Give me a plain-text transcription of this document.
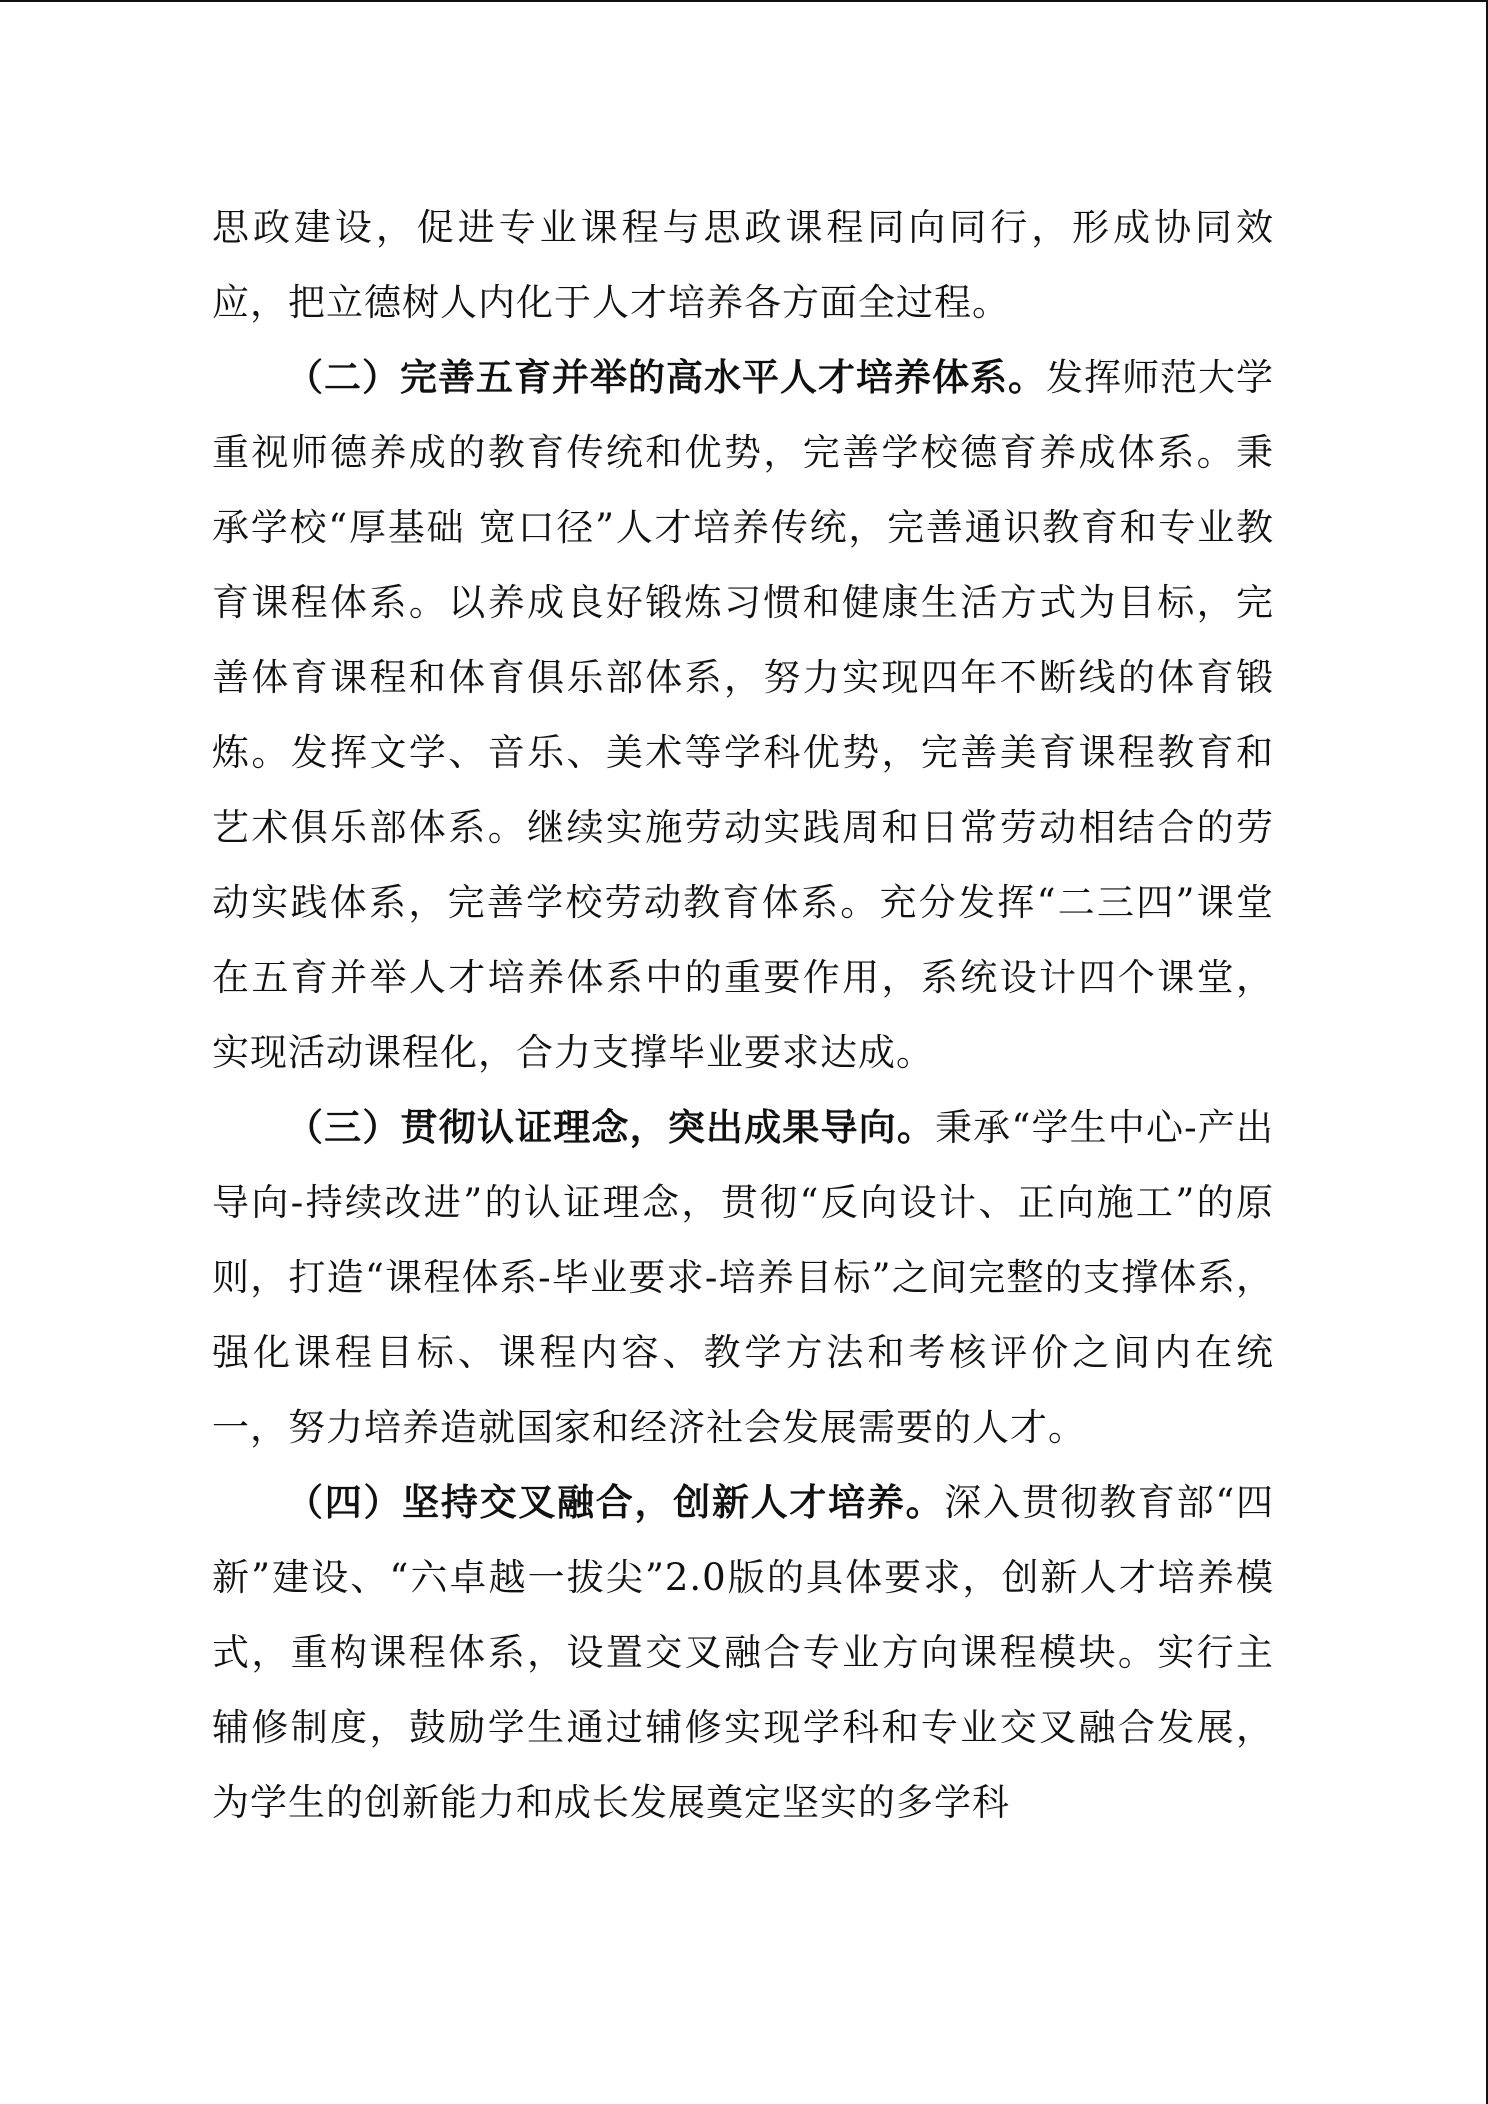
思政建设，促进专业课程与思政课程同向同行，形成协同效应，把立德树人内化于人才培养各方面全过程。

（二）完善五育并举的高水平人才培养体系。发挥师范大学重视师德养成的教育传统和优势，完善学校德育养成体系。秉承学校“厚基础 宽口径”人才培养传统，完善通识教育和专业教育课程体系。以养成良好锻炼习惯和健康生活方式为目标，完善体育课程和体育俱乐部体系，努力实现四年不断线的体育锻炼。发挥文学、音乐、美术等学科优势，完善美育课程教育和艺术俱乐部体系。继续实施劳动实践周和日常劳动相结合的劳动实践体系，完善学校劳动教育体系。充分发挥“二三四”课堂在五育并举人才培养体系中的重要作用，系统设计四个课堂，实现活动课程化，合力支撑毕业要求达成。

（三）贯彻认证理念，突出成果导向。秉承“学生中心-产出导向-持续改进”的认证理念，贯彻“反向设计、正向施工”的原则，打造“课程体系-毕业要求-培养目标”之间完整的支撑体系，强化课程目标、课程内容、教学方法和考核评价之间内在统一，努力培养造就国家和经济社会发展需要的人才。

（四）坚持交叉融合，创新人才培养。深入贯彻教育部“四新”建设、“六卓越一拔尖”2.0版的具体要求，创新人才培养模式，重构课程体系，设置交叉融合专业方向课程模块。实行主辅修制度，鼓励学生通过辅修实现学科和专业交叉融合发展，为学生的创新能力和成长发展奠定坚实的多学科
